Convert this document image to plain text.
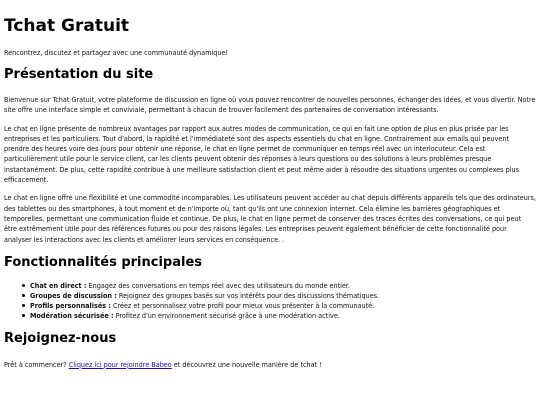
Tchat Gratuit

Rencontrez, discutez et partagez avec une communauté dynamique!

Présentation du site

Bienvenue sur Tchat Gratuit, votre plateforme de discussion en ligne où vous pouvez rencontrer de nouvelles personnes, échanger des idées, et vous divertir. Notre site offre une interface simple et conviviale, permettant à chacun de trouver facilement des partenaires de conversation intéressants.

Le chat en ligne présente de nombreux avantages par rapport aux autres modes de communication, ce qui en fait une option de plus en plus prisée par les entreprises et les particuliers. Tout d'abord, la rapidité et l'immédiateté sont des aspects essentiels du chat en ligne. Contrairement aux emails qui peuvent prendre des heures voire des jours pour obtenir une réponse, le chat en ligne permet de communiquer en temps réel avec un interlocuteur. Cela est particulièrement utile pour le service client, car les clients peuvent obtenir des réponses à leurs questions ou des solutions à leurs problèmes presque instantanément. De plus, cette rapidité contribue à une meilleure satisfaction client et peut même aider à résoudre des situations urgentes ou complexes plus efficacement.

Le chat en ligne offre une flexibilité et une commodité incomparables. Les utilisateurs peuvent accéder au chat depuis différents appareils tels que des ordinateurs, des tablettes ou des smartphones, à tout moment et de n'importe où, tant qu'ils ont une connexion internet. Cela élimine les barrières géographiques et temporelles, permettant une communication fluide et continue. De plus, le chat en ligne permet de conserver des traces écrites des conversations, ce qui peut être extrêmement utile pour des références futures ou pour des raisons légales. Les entreprises peuvent également bénéficier de cette fonctionnalité pour analyser les interactions avec les clients et améliorer leurs services en conséquence. .

Fonctionnalités principales
Chat en direct : Engagez des conversations en temps réel avec des utilisateurs du monde entier.
Groupes de discussion : Rejoignez des groupes basés sur vos intérêts pour des discussions thématiques.
Profils personnalisés : Créez et personnalisez votre profil pour mieux vous présenter à la communauté.
Modération sécurisée : Profitez d'un environnement sécurisé grâce à une modération active.
Rejoignez-nous

Prêt à commencer? Cliquez ici pour rejoindre Babeo et découvrez une nouvelle manière de tchat !
